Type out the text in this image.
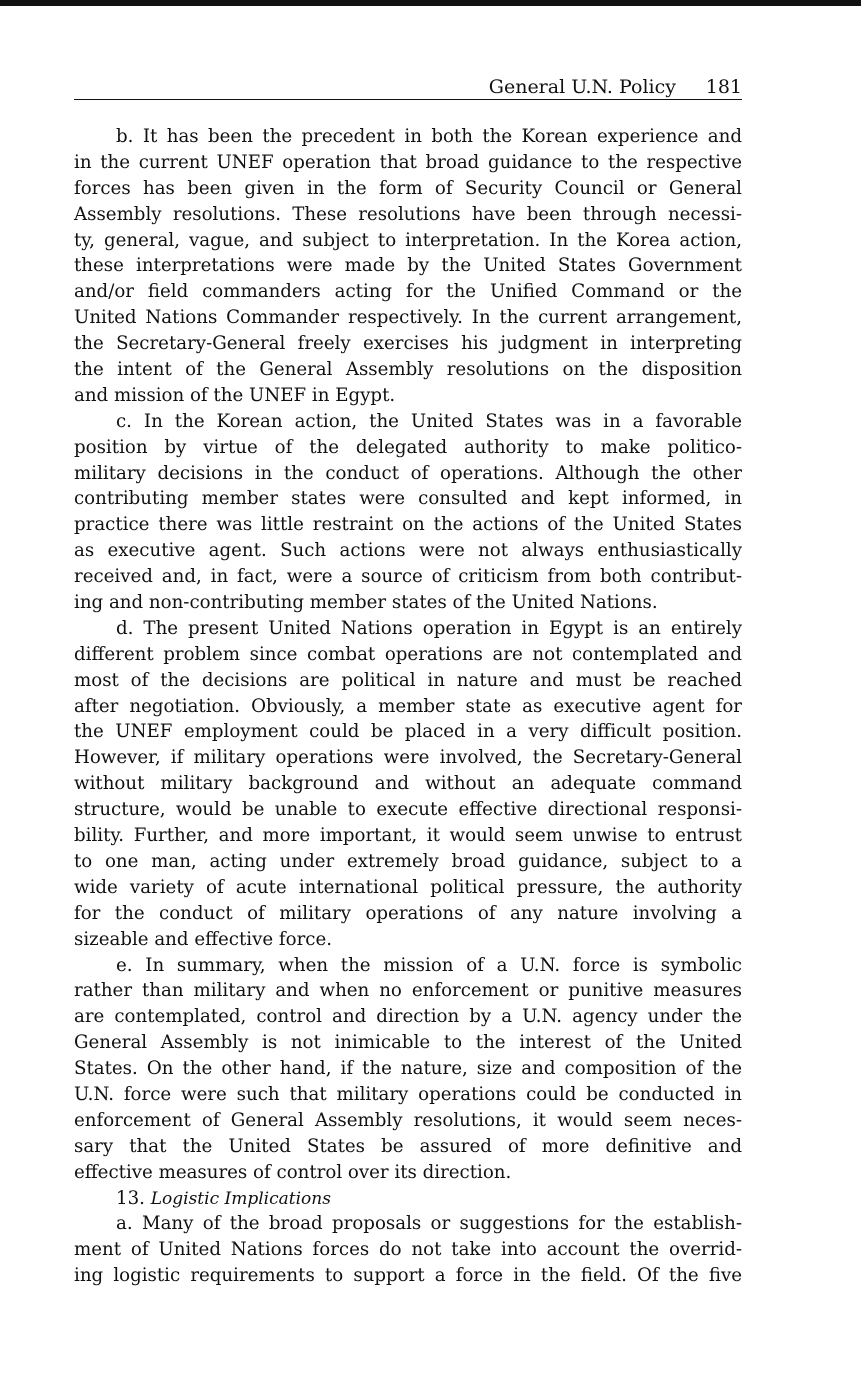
General U.N. Policy 181
b. It has been the precedent in both the Korean experience and
in the current UNEF operation that broad guidance to the respective
forces has been given in the form of Security Council or General
Assembly resolutions. These resolutions have been through necessi-
ty, general, vague, and subject to interpretation. In the Korea action,
these interpretations were made by the United States Government
and/or field commanders acting for the Unified Command or the
United Nations Commander respectively. In the current arrangement,
the Secretary-General freely exercises his judgment in interpreting
the intent of the General Assembly resolutions on the disposition
and mission of the UNEF in Egypt.
c. In the Korean action, the United States was in a favorable
position by virtue of the delegated authority to make politico-
military decisions in the conduct of operations. Although the other
contributing member states were consulted and kept informed, in
practice there was little restraint on the actions of the United States
as executive agent. Such actions were not always enthusiastically
received and, in fact, were a source of criticism from both contribut-
ing and non-contributing member states of the United Nations.
d. The present United Nations operation in Egypt is an entirely
different problem since combat operations are not contemplated and
most of the decisions are political in nature and must be reached
after negotiation. Obviously, a member state as executive agent for
the UNEF employment could be placed in a very difficult position.
However, if military operations were involved, the Secretary-General
without military background and without an adequate command
structure, would be unable to execute effective directional responsi-
bility. Further, and more important, it would seem unwise to entrust
to one man, acting under extremely broad guidance, subject to a
wide variety of acute international political pressure, the authority
for the conduct of military operations of any nature involving a
sizeable and effective force.
e. In summary, when the mission of a U.N. force is symbolic
rather than military and when no enforcement or punitive measures
are contemplated, control and direction by a U.N. agency under the
General Assembly is not inimicable to the interest of the United
States. On the other hand, if the nature, size and composition of the
U.N. force were such that military operations could be conducted in
enforcement of General Assembly resolutions, it would seem neces-
sary that the United States be assured of more definitive and
effective measures of control over its direction.
13. Logistic Implications
a. Many of the broad proposals or suggestions for the establish-
ment of United Nations forces do not take into account the overrid-
ing logistic requirements to support a force in the field. Of the five
